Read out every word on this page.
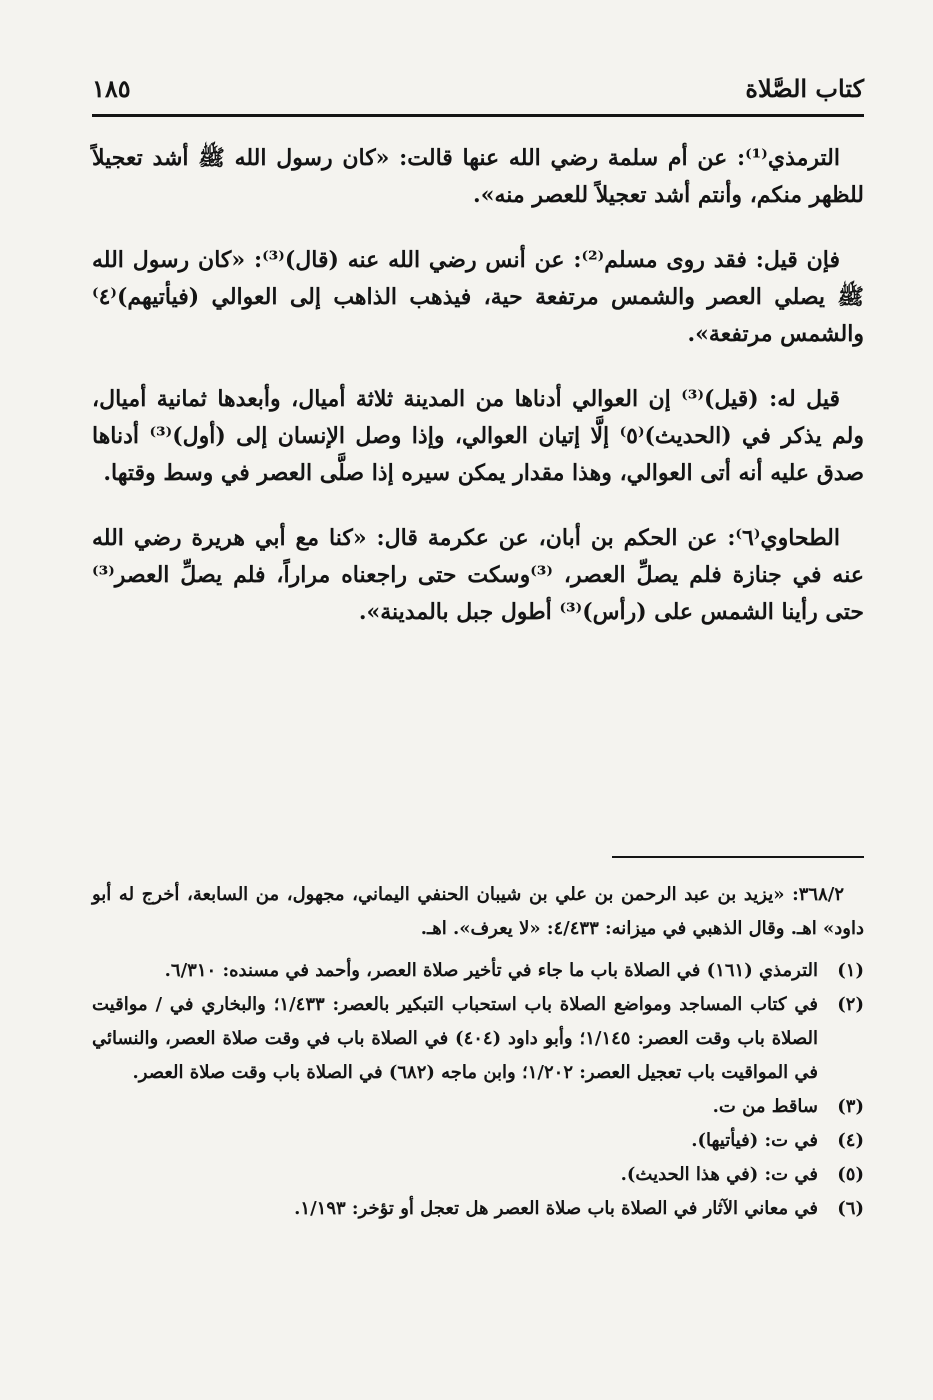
كتاب الصَّلاة
١٨٥

الترمذي⁽¹⁾: عن أم سلمة رضي الله عنها قالت: «كان رسول الله ﷺ أشد تعجيلاً للظهر منكم، وأنتم أشد تعجيلاً للعصر منه».

فإن قيل: فقد روى مسلم⁽²⁾: عن أنس رضي الله عنه (قال)⁽³⁾: «كان رسول الله ﷺ يصلي العصر والشمس مرتفعة حية، فيذهب الذاهب إلى العوالي (فيأتيهم)⁽٤⁾ والشمس مرتفعة».

قيل له: (قيل)⁽³⁾ إن العوالي أدناها من المدينة ثلاثة أميال، وأبعدها ثمانية أميال، ولم يذكر في (الحديث)⁽٥⁾ إلَّا إتيان العوالي، وإذا وصل الإنسان إلى (أول)⁽³⁾ أدناها صدق عليه أنه أتى العوالي، وهذا مقدار يمكن سيره إذا صلَّى العصر في وسط وقتها.

الطحاوي⁽٦⁾: عن الحكم بن أبان، عن عكرمة قال: «كنا مع أبي هريرة رضي الله عنه في جنازة فلم يصلِّ العصر، ⁽³⁾وسكت حتى راجعناه مراراً، فلم يصلِّ العصر⁽³⁾ حتى رأينا الشمس على (رأس)⁽³⁾ أطول جبل بالمدينة».

٣٦٨/٢: «يزيد بن عبد الرحمن بن علي بن شيبان الحنفي اليماني، مجهول، من السابعة، أخرج له أبو داود» اهـ. وقال الذهبي في ميزانه: ٤/٤٣٣: «لا يعرف». اهـ.

(١)
الترمذي (١٦١) في الصلاة باب ما جاء في تأخير صلاة العصر، وأحمد في مسنده: ٦/٣١٠.
(٢)
في كتاب المساجد ومواضع الصلاة باب استحباب التبكير بالعصر: ١/٤٣٣؛ والبخاري في / مواقيت الصلاة باب وقت العصر: ١/١٤٥؛ وأبو داود (٤٠٤) في الصلاة باب في وقت صلاة العصر، والنسائي في المواقيت باب تعجيل العصر: ١/٢٠٢؛ وابن ماجه (٦٨٢) في الصلاة باب وقت صلاة العصر.
(٣)
ساقط من ت.
(٤)
في ت: (فيأتيها).
(٥)
في ت: (في هذا الحديث).
(٦)
في معاني الآثار في الصلاة باب صلاة العصر هل تعجل أو تؤخر: ١/١٩٣.
